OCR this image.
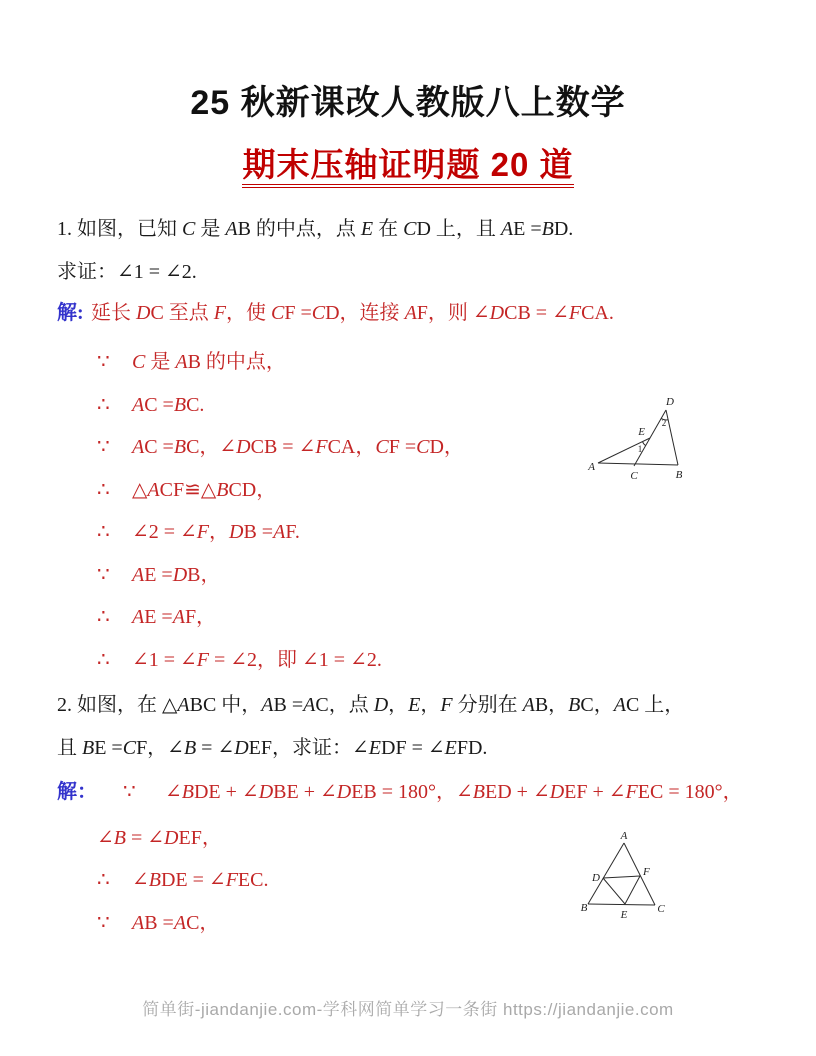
25 秋新课改人教版八上数学
期末压轴证明题 20 道
1. 如图，已知 C 是 AB 的中点，点 E 在 CD 上，且 AE =BD.
求证：∠1 = ∠2.
解: 延长 DC 至点 F，使 CF =CD，连接 AF，则 ∠DCB = ∠FCA.
∵ C 是 AB 的中点，
∴ AC =BC.
∵ AC =BC，∠DCB = ∠FCA，CF =CD，
∴ △ACF≌△BCD，
∴ ∠2 = ∠F，DB =AF.
∵ AE =DB，
∴ AE =AF，
∴ ∠1 = ∠F = ∠2，即 ∠1 = ∠2.
A
C	B
D
E
1
2
2. 如图，在 △ABC 中，AB =AC，点 D，E，F 分别在 AB，BC，AC 上，
且 BE =CF，∠B = ∠DEF，求证：∠EDF = ∠EFD.
解： ∵ ∠BDE + ∠DBE + ∠DEB = 180°，∠BED + ∠DEF + ∠FEC = 180°，
∠B = ∠DEF，
∴ ∠BDE = ∠FEC.
∵ AB =AC，
A
B	C
D	F
E
简单街-jiandanjie.com-学科网简单学习一条街 https://jiandanjie.com
